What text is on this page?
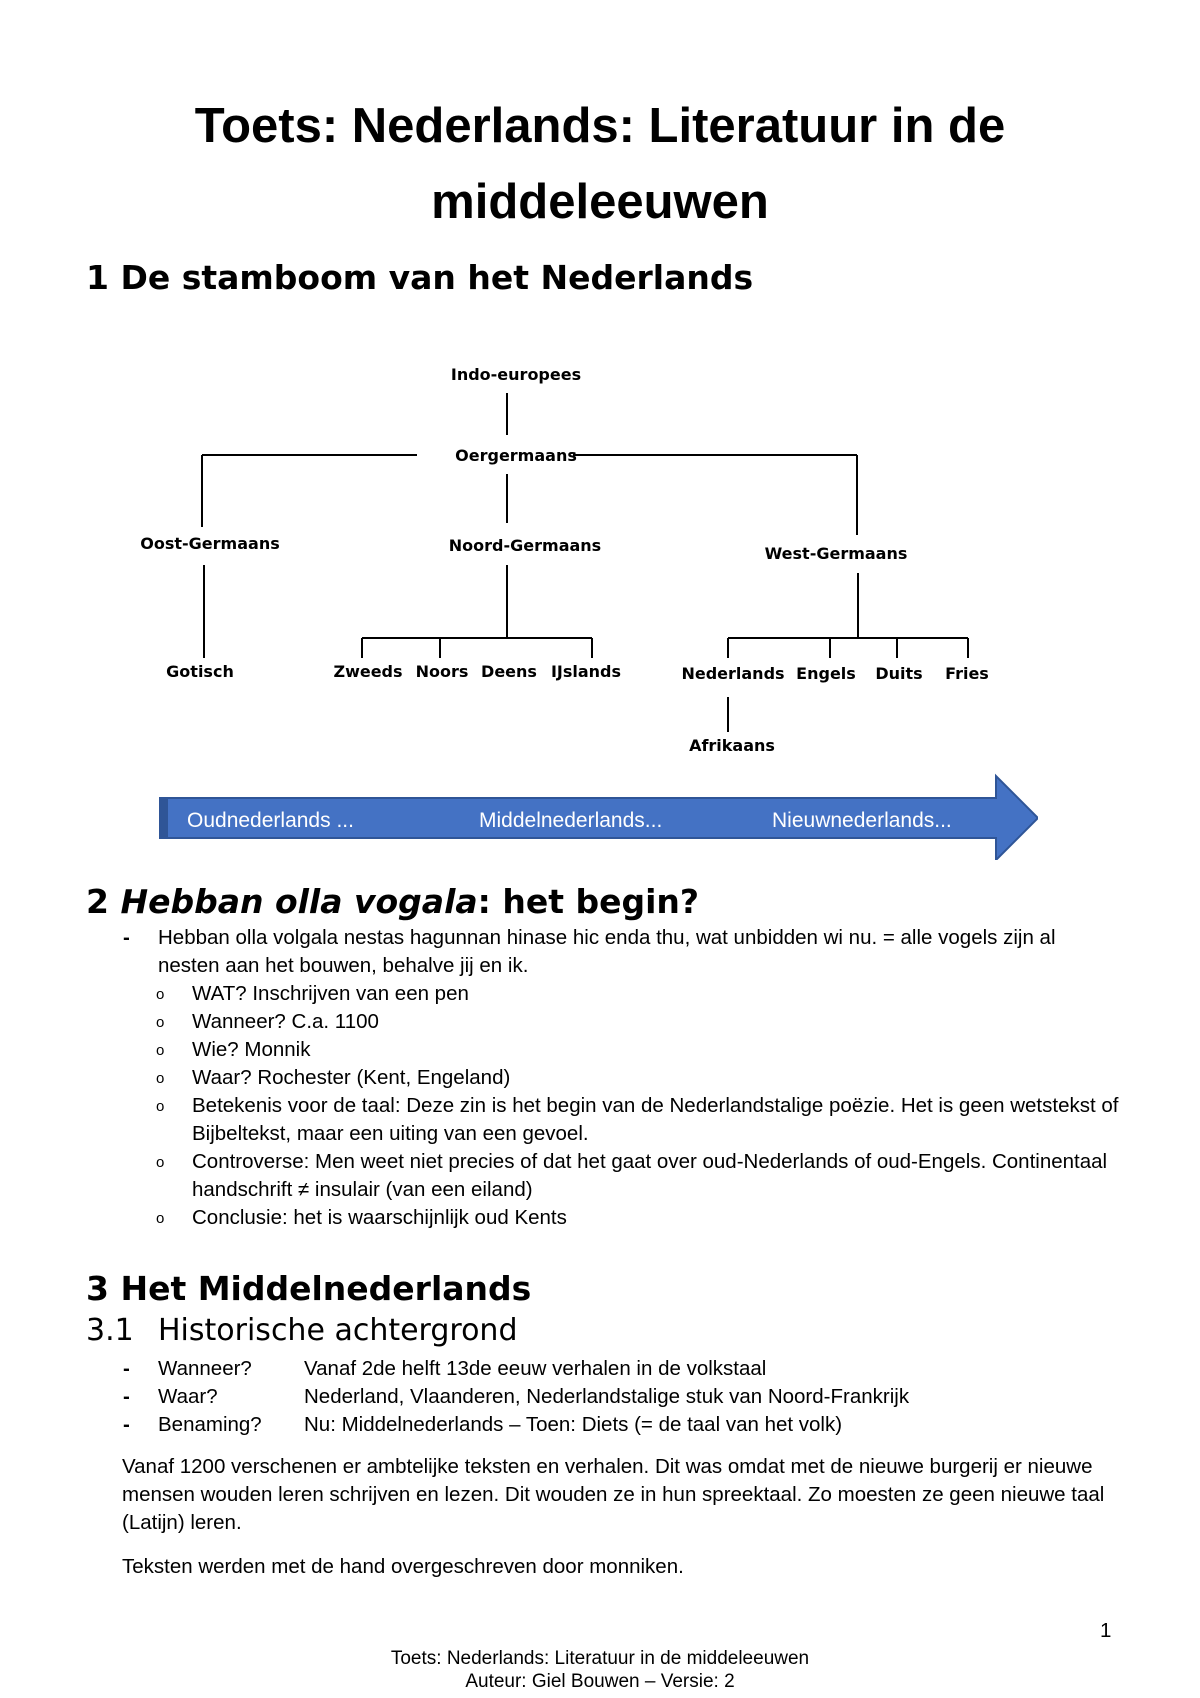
Toets: Nederlands: Literatuur in de middeleeuwen
1 De stamboom van het Nederlands
Indo-europees
Oergermaans
Oost-Germaans	Noord-Germaans	West-Germaans
Gotisch	Zweeds Noors Deens IJslands	Nederlands Engels Duits Fries
Afrikaans
Oudnederlands ...	Middelnederlands...	Nieuwnederlands...
2 Hebban olla vogala: het begin?
- Hebban olla volgala nestas hagunnan hinase hic enda thu, wat unbidden wi nu. = alle vogels zijn al nesten aan het bouwen, behalve jij en ik.
o WAT? Inschrijven van een pen
o Wanneer? C.a. 1100
o Wie? Monnik
o Waar? Rochester (Kent, Engeland)
o Betekenis voor de taal: Deze zin is het begin van de Nederlandstalige poëzie. Het is geen wetstekst of Bijbeltekst, maar een uiting van een gevoel.
o Controverse: Men weet niet precies of dat het gaat over oud-Nederlands of oud-Engels. Continentaal handschrift ≠ insulair (van een eiland)
o Conclusie: het is waarschijnlijk oud Kents
3 Het Middelnederlands
3.1 Historische achtergrond
- Wanneer?	Vanaf 2de helft 13de eeuw verhalen in de volkstaal
- Waar?	Nederland, Vlaanderen, Nederlandstalige stuk van Noord-Frankrijk
- Benaming? Nu: Middelnederlands – Toen: Diets (= de taal van het volk)

Vanaf 1200 verschenen er ambtelijke teksten en verhalen. Dit was omdat met de nieuwe burgerij er nieuwe mensen wouden leren schrijven en lezen. Dit wouden ze in hun spreektaal. Zo moesten ze geen nieuwe taal (Latijn) leren.

Teksten werden met de hand overgeschreven door monniken.

1
Toets: Nederlands: Literatuur in de middeleeuwen
Auteur: Giel Bouwen – Versie: 2
